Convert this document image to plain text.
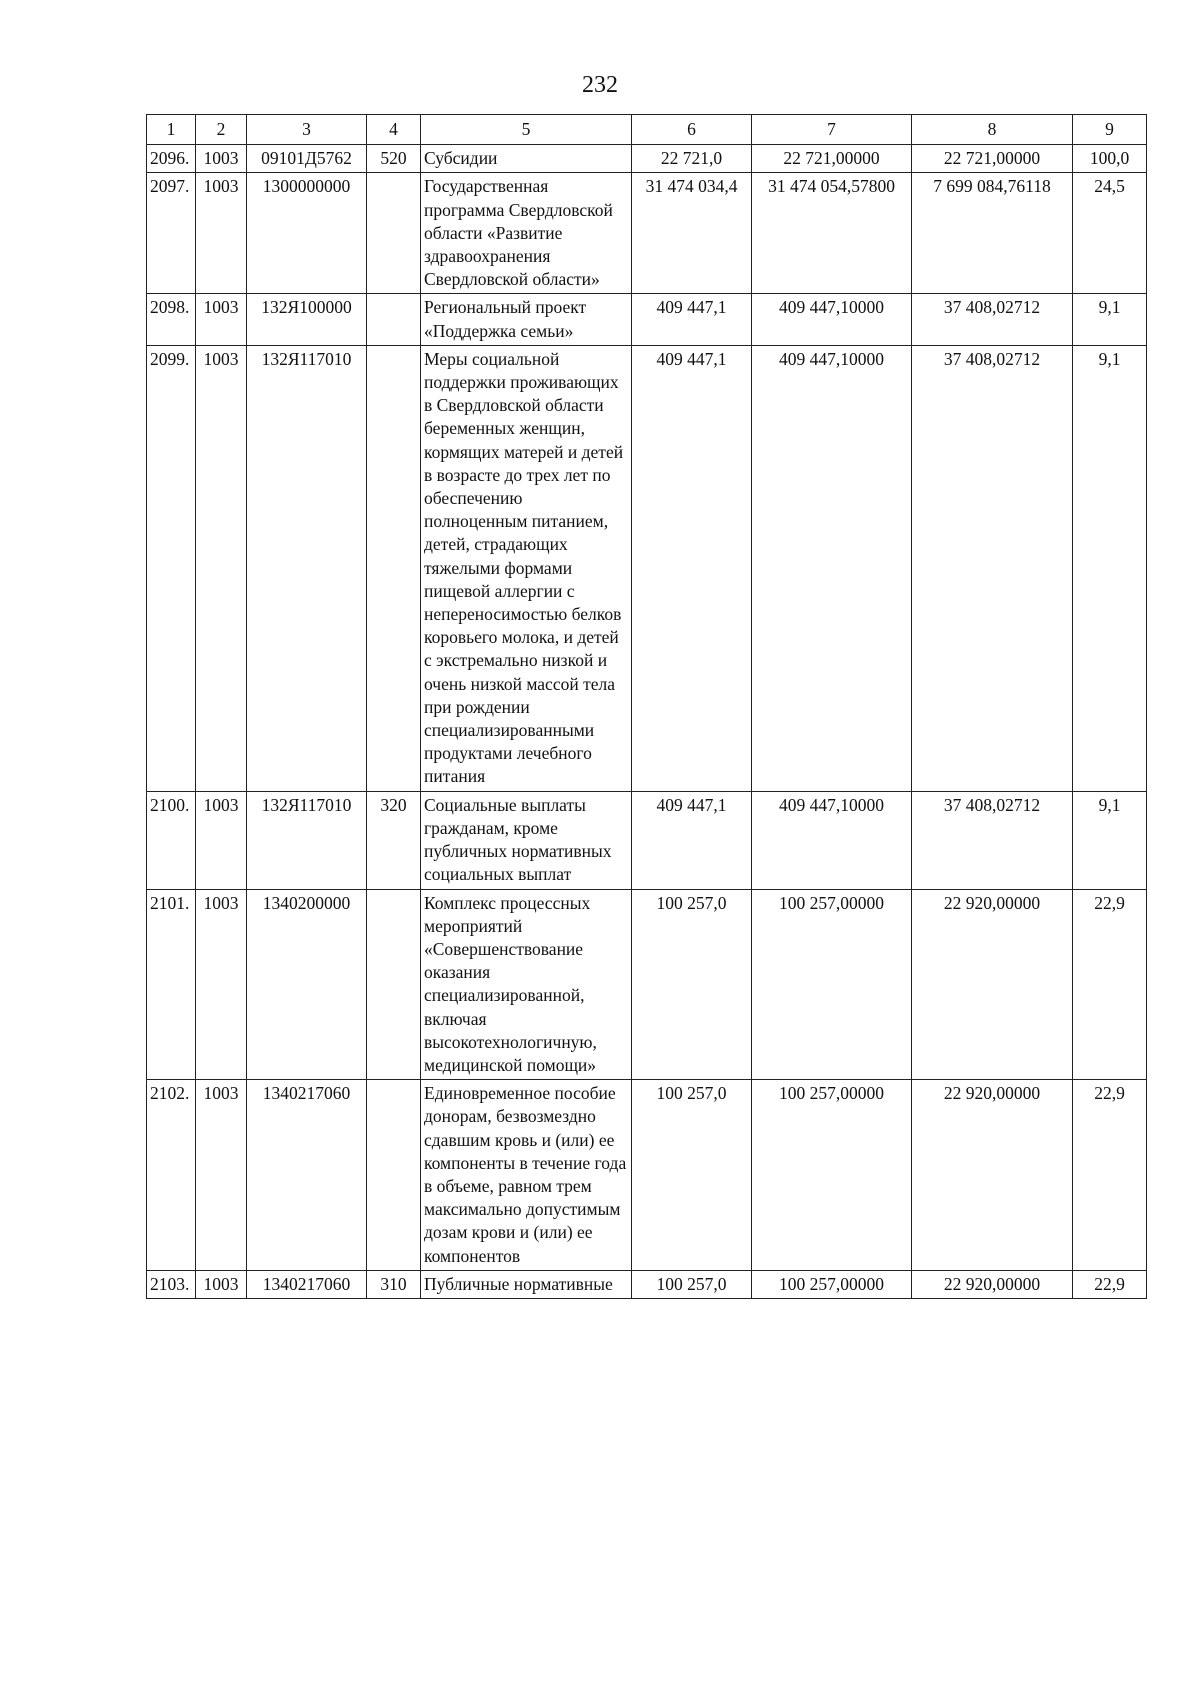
232
1	2	3	4	5	6	7	8	9
2096.	1003	09101Д5762	520	Субсидии	22 721,0	22 721,00000	22 721,00000	100,0
2097.	1003	1300000000		Государственная программа Свердловской области «Развитие здравоохранения Свердловской области»	31 474 034,4	31 474 054,57800	7 699 084,76118	24,5
2098.	1003	132Я100000		Региональный проект «Поддержка семьи»	409 447,1	409 447,10000	37 408,02712	9,1
2099.	1003	132Я117010		Меры социальной поддержки проживающих в Свердловской области беременных женщин, кормящих матерей и детей в возрасте до трех лет по обеспечению полноценным питанием, детей, страдающих тяжелыми формами пищевой аллергии с непереносимостью белков коровьего молока, и детей с экстремально низкой и очень низкой массой тела при рождении специализированными продуктами лечебного питания	409 447,1	409 447,10000	37 408,02712	9,1
2100.	1003	132Я117010	320	Социальные выплаты гражданам, кроме публичных нормативных социальных выплат	409 447,1	409 447,10000	37 408,02712	9,1
2101.	1003	1340200000		Комплекс процессных мероприятий «Совершенствование оказания специализированной, включая высокотехнологичную, медицинской помощи»	100 257,0	100 257,00000	22 920,00000	22,9
2102.	1003	1340217060		Единовременное пособие донорам, безвозмездно сдавшим кровь и (или) ее компоненты в течение года в объеме, равном трем максимально допустимым дозам крови и (или) ее компонентов	100 257,0	100 257,00000	22 920,00000	22,9
2103.	1003	1340217060	310	Публичные нормативные	100 257,0	100 257,00000	22 920,00000	22,9
